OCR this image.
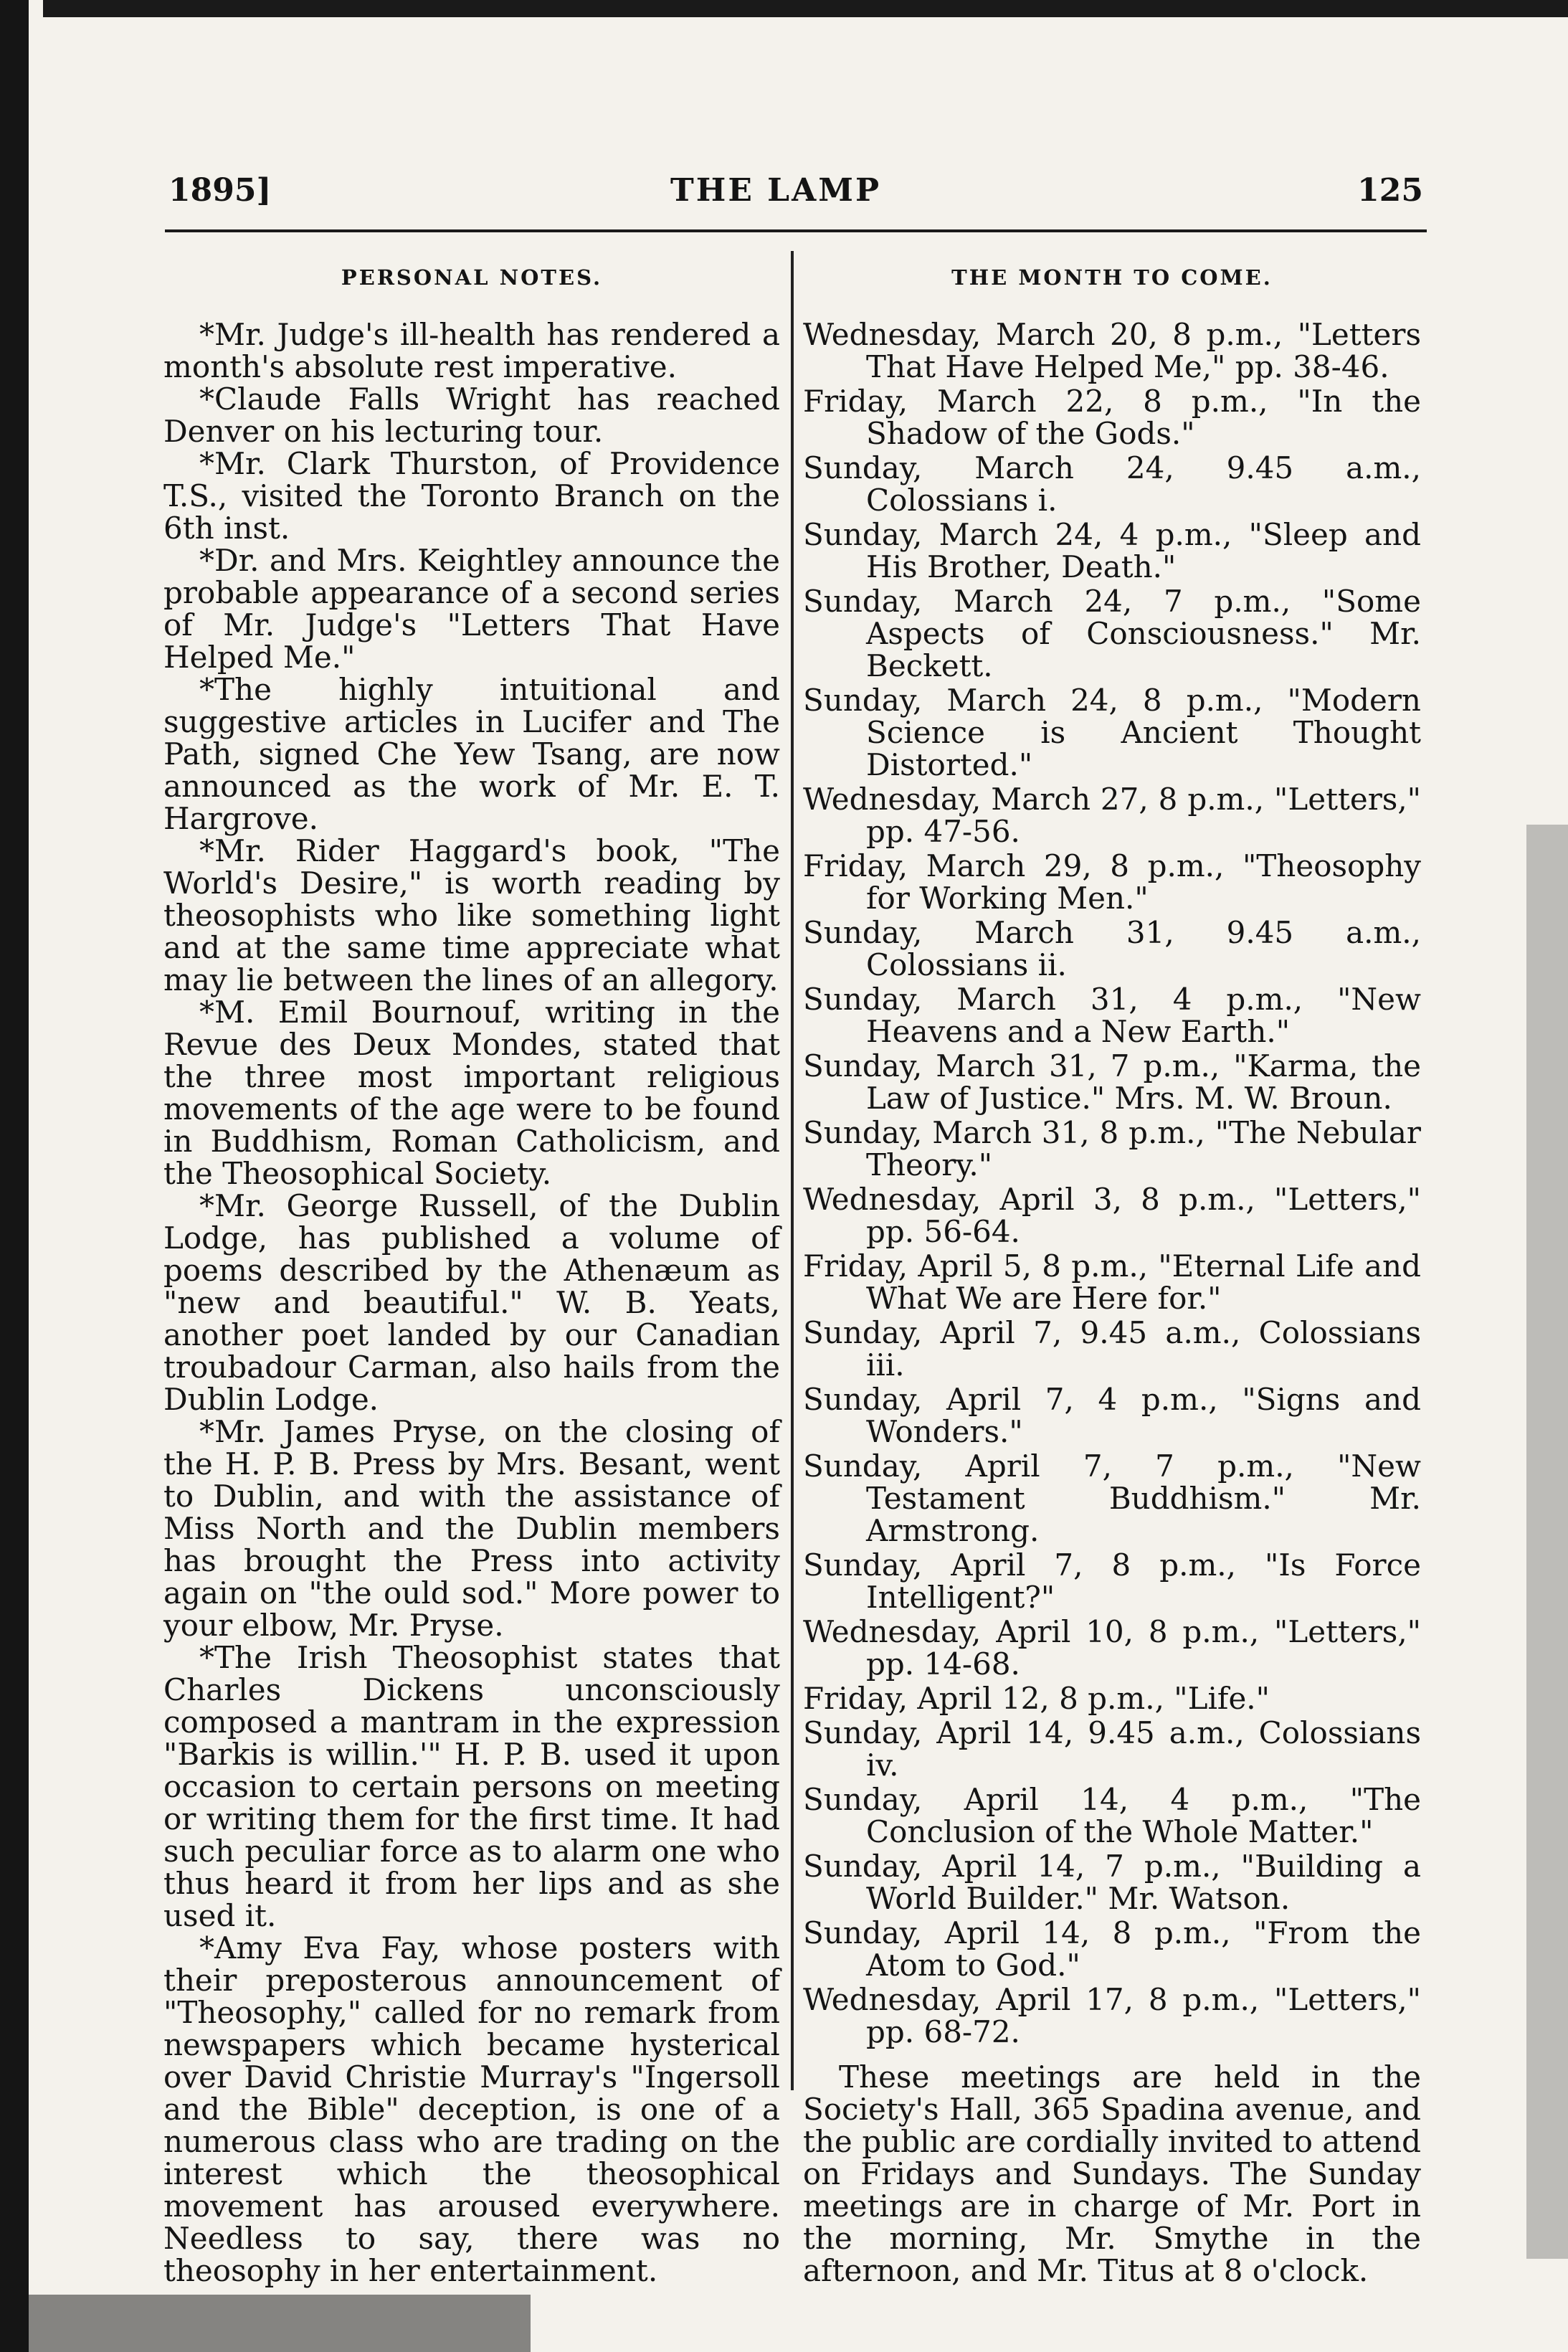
1895]	THE LAMP	125
PERSONAL NOTES.

*Mr. Judge's ill-health has rendered a month's absolute rest imperative.

*Claude Falls Wright has reached Denver on his lecturing tour.

*Mr. Clark Thurston, of Providence T.S., visited the Toronto Branch on the 6th inst.

*Dr. and Mrs. Keightley announce the probable appearance of a second series of Mr. Judge's "Letters That Have Helped Me."

*The highly intuitional and suggestive articles in Lucifer and The Path, signed Che Yew Tsang, are now announced as the work of Mr. E. T. Hargrove.

*Mr. Rider Haggard's book, "The World's Desire," is worth reading by theosophists who like something light and at the same time appreciate what may lie between the lines of an allegory.

*M. Emil Bournouf, writing in the Revue des Deux Mondes, stated that the three most important religious movements of the age were to be found in Buddhism, Roman Catholicism, and the Theosophical Society.

*Mr. George Russell, of the Dublin Lodge, has published a volume of poems described by the Athenæum as "new and beautiful." W. B. Yeats, another poet landed by our Canadian troubadour Carman, also hails from the Dublin Lodge.

*Mr. James Pryse, on the closing of the H. P. B. Press by Mrs. Besant, went to Dublin, and with the assistance of Miss North and the Dublin members has brought the Press into activity again on "the ould sod." More power to your elbow, Mr. Pryse.

*The Irish Theosophist states that Charles Dickens unconsciously composed a mantram in the expression "Barkis is willin.'" H. P. B. used it upon occasion to certain persons on meeting or writing them for the first time. It had such peculiar force as to alarm one who thus heard it from her lips and as she used it.

*Amy Eva Fay, whose posters with their preposterous announcement of "Theosophy," called for no remark from newspapers which became hysterical over David Christie Murray's "Ingersoll and the Bible" deception, is one of a numerous class who are trading on the interest which the theosophical movement has aroused everywhere. Needless to say, there was no theosophy in her entertainment.

THE MONTH TO COME.

Wednesday, March 20, 8 p.m., "Letters That Have Helped Me," pp. 38-46.

Friday, March 22, 8 p.m., "In the Shadow of the Gods."

Sunday, March 24, 9.45 a.m., Colossians i.

Sunday, March 24, 4 p.m., "Sleep and His Brother, Death."

Sunday, March 24, 7 p.m., "Some Aspects of Consciousness." Mr. Beckett.

Sunday, March 24, 8 p.m., "Modern Science is Ancient Thought Distorted."

Wednesday, March 27, 8 p.m., "Letters," pp. 47-56.

Friday, March 29, 8 p.m., "Theosophy for Working Men."

Sunday, March 31, 9.45 a.m., Colossians ii.

Sunday, March 31, 4 p.m., "New Heavens and a New Earth."

Sunday, March 31, 7 p.m., "Karma, the Law of Justice." Mrs. M. W. Broun.

Sunday, March 31, 8 p.m., "The Nebular Theory."

Wednesday, April 3, 8 p.m., "Letters," pp. 56-64.

Friday, April 5, 8 p.m., "Eternal Life and What We are Here for."

Sunday, April 7, 9.45 a.m., Colossians iii.

Sunday, April 7, 4 p.m., "Signs and Wonders."

Sunday, April 7, 7 p.m., "New Testament Buddhism." Mr. Armstrong.

Sunday, April 7, 8 p.m., "Is Force Intelligent?"

Wednesday, April 10, 8 p.m., "Letters," pp. 14-68.

Friday, April 12, 8 p.m., "Life."

Sunday, April 14, 9.45 a.m., Colossians iv.

Sunday, April 14, 4 p.m., "The Conclusion of the Whole Matter."

Sunday, April 14, 7 p.m., "Building a World Builder." Mr. Watson.

Sunday, April 14, 8 p.m., "From the Atom to God."

Wednesday, April 17, 8 p.m., "Letters," pp. 68-72.

These meetings are held in the Society's Hall, 365 Spadina avenue, and the public are cordially invited to attend on Fridays and Sundays. The Sunday meetings are in charge of Mr. Port in the morning, Mr. Smythe in the afternoon, and Mr. Titus at 8 o'clock.
